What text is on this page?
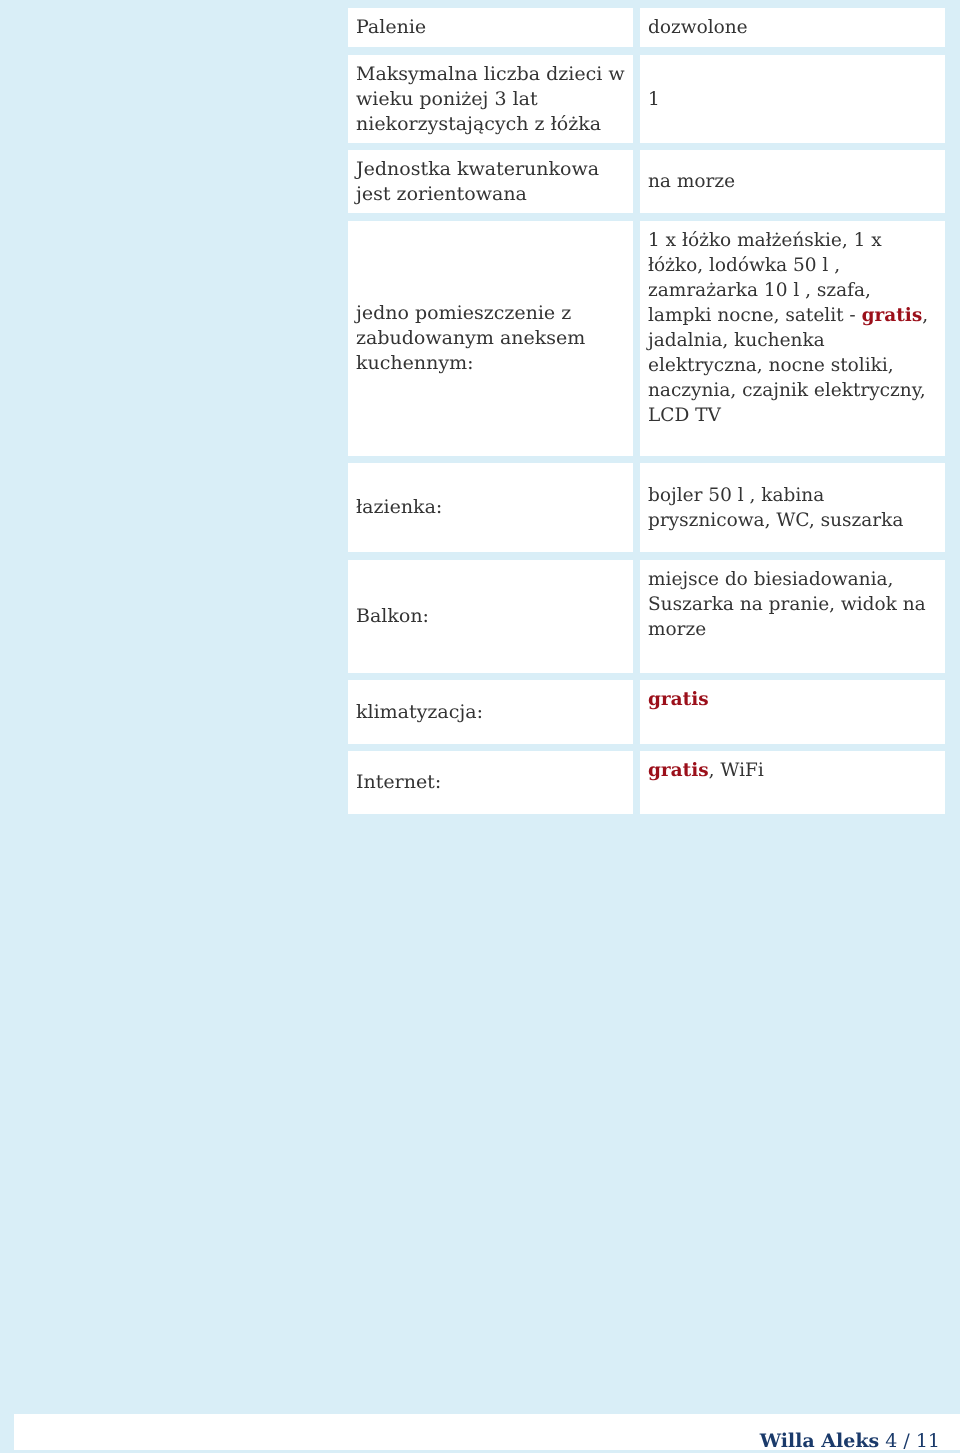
Palenie	dozwolone
Maksymalna liczba dzieci w wieku poniżej 3 lat niekorzystających z łóżka
1
Jednostka kwaterunkowa jest zorientowana
na morze
jedno pomieszczenie z zabudowanym aneksem kuchennym:
1 x łóżko małżeńskie, 1 x łóżko, lodówka 50 l , zamrażarka 10 l , szafa, lampki nocne, satelit - gratis, jadalnia, kuchenka elektryczna, nocne stoliki, naczynia, czajnik elektryczny, LCD TV
łazienka:
bojler 50 l , kabina prysznicowa, WC, suszarka
Balkon:
miejsce do biesiadowania, Suszarka na pranie, widok na morze
klimatyzacja:
gratis
Internet:
gratis, WiFi
Willa Aleks 4 / 11
